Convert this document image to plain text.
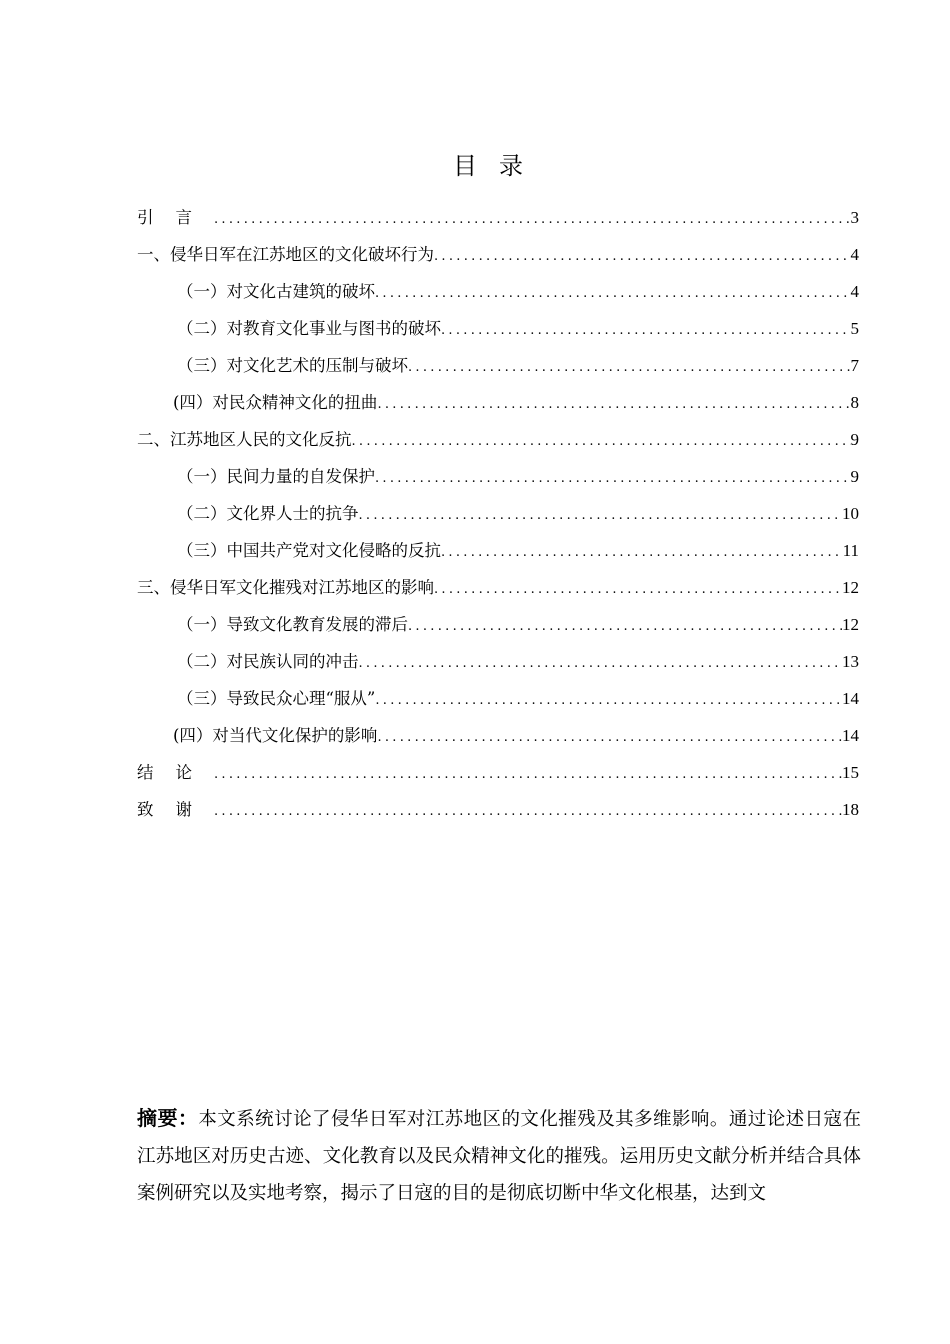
目录
引言 .....	3
一、侵华日军在江苏地区的文化破坏行为 .....	4
（一）对文化古建筑的破坏 .....	4
（二）对教育文化事业与图书的破坏 .....	5
（三）对文化艺术的压制与破坏 .....	7
(四）对民众精神文化的扭曲 .....	8
二、江苏地区人民的文化反抗 .....	9
（一）民间力量的自发保护 .....	9
（二）文化界人士的抗争 .....	10
（三）中国共产党对文化侵略的反抗 .....	11
三、侵华日军文化摧残对江苏地区的影响 .....	12
（一）导致文化教育发展的滞后 .....	12
（二）对民族认同的冲击 .....	13
（三）导致民众心理“服从” .....	14
(四）对当代文化保护的影响 .....	14
结论 .....	15
致谢 .....	18
摘要：本文系统讨论了侵华日军对江苏地区的文化摧残及其多维影响。通过论述日寇在江苏地区对历史古迹、文化教育以及民众精神文化的摧残。运用历史文献分析并结合具体案例研究以及实地考察，揭示了日寇的目的是彻底切断中华文化根基，达到文
